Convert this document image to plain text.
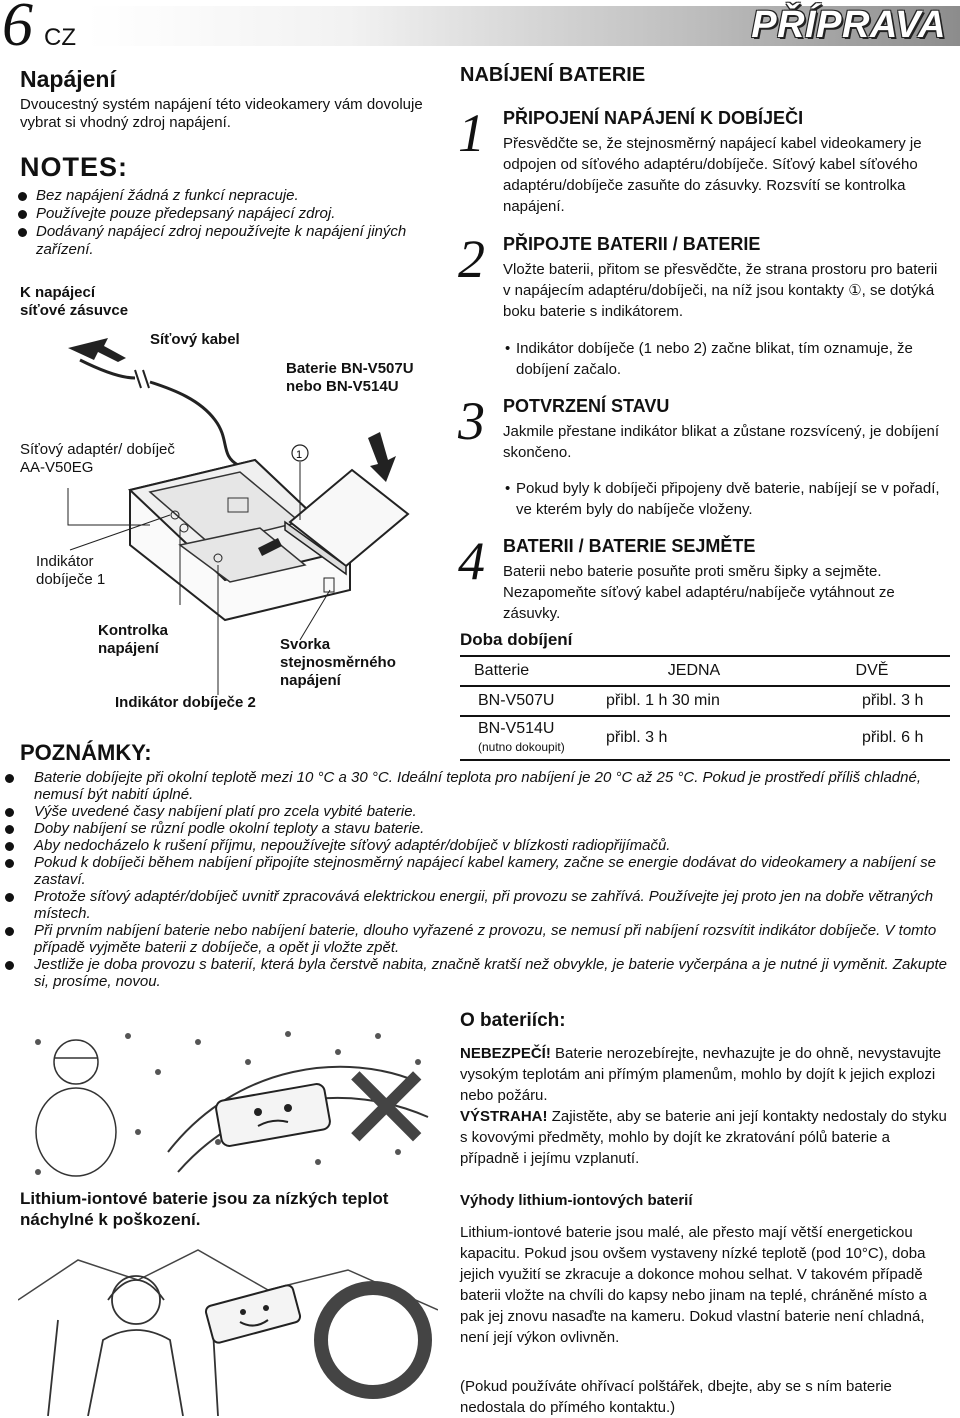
6 CZ	PŘÍPRAVA
Napájení
Dvoucestný systém napájení této videokamery vám dovoluje vybrat si vhodný zdroj napájení.
NOTES:
Bez napájení žádná z funkcí nepracuje.
Používejte pouze předepsaný napájecí zdroj.
Dodávaný napájecí zdroj nepoužívejte k napájení jiných zařízení.
1
K napájecí síťové zásuvce
Síťový kabel
Baterie BN-V507U nebo BN-V514U
Síťový adaptér/ dobíječ AA-V50EG
Indikátor dobíječe 1
Kontrolka napájení	Svorka stejnosměrného napájení
Indikátor dobíječe 2
NABÍJENÍ BATERIE
1 PŘIPOJENÍ NAPÁJENÍ K DOBÍJEČI
Přesvědčte se, že stejnosměrný napájecí kabel videokamery je odpojen od síťového adaptéru/dobíječe. Síťový kabel síťového adaptéru/dobíječe zasuňte do zásuvky. Rozsvítí se kontrolka napájení.
2 PŘIPOJTE BATERII / BATERIE
Vložte baterii, přitom se přesvědčte, že strana prostoru pro baterii v napájecím adaptéru/dobíječi, na níž jsou kontakty ①, se dotýká boku baterie s indikátorem.
• Indikátor dobíječe (1 nebo 2) začne blikat, tím oznamuje, že dobíjení začalo.
3 POTVRZENÍ STAVU
Jakmile přestane indikátor blikat a zůstane rozsvícený, je dobíjení skončeno.
• Pokud byly k dobíječi připojeny dvě baterie, nabíjejí se v pořadí, ve kterém byly do nabíječe vloženy.
4 BATERII / BATERIE SEJMĚTE
Baterii nebo baterie posuňte proti směru šipky a sejměte. Nezapomeňte síťový kabel adaptéru/nabíječe vytáhnout ze zásuvky.
Doba dobíjení
Batterie	JEDNA	DVĚ
BN-V507U	přibl. 1 h 30 min	přibl. 3 h

BN-V514U
(nutno dokoupit)	přibl. 3 h	přibl. 6 h
POZNÁMKY:
Baterie dobíjejte při okolní teplotě mezi 10 °C a 30 °C. Ideální teplota pro nabíjení je 20 °C až 25 °C. Pokud je prostředí příliš chladné, nemusí být nabití úplné.
Výše uvedené časy nabíjení platí pro zcela vybité baterie.
Doby nabíjení se různí podle okolní teploty a stavu baterie.
Aby nedocházelo k rušení příjmu, nepoužívejte síťový adaptér/dobíječ v blízkosti radiopřijímačů.
Pokud k dobíječi během nabíjení připojíte stejnosměrný napájecí kabel kamery, začne se energie dodávat do videokamery a nabíjení se zastaví.
Protože síťový adaptér/dobíječ uvnitř zpracovává elektrickou energii, při provozu se zahřívá. Používejte jej proto jen na dobře větraných místech.
Při prvním nabíjení baterie nebo nabíjení baterie, dlouho vyřazené z provozu, se nemusí při nabíjení rozsvítit indikátor dobíječe. V tomto případě vyjměte baterii z dobíječe, a opět ji vložte zpět.
Jestliže je doba provozu s baterií, která byla čerstvě nabita, značně kratší než obvykle, je baterie vyčerpána a je nutné ji vyměnit. Zakupte si, prosíme, novou.
✕
Lithium-iontové baterie jsou za nízkých teplot náchylné k poškození.
O bateriích:
NEBEZPEČÍ! Baterie nerozebírejte, nevhazujte je do ohně, nevystavujte vysokým teplotám ani přímým plamenům, mohlo by dojít k jejich explozi nebo požáru.
VÝSTRAHA! Zajistěte, aby se baterie ani její kontakty nedostaly do styku s kovovými předměty, mohlo by dojít ke zkratování pólů baterie a případně i jejímu vzplanutí.
Výhody lithium-iontových baterií
Lithium-iontové baterie jsou malé, ale přesto mají větší energetickou kapacitu. Pokud jsou ovšem vystaveny nízké teplotě (pod 10°C), doba jejich využití se zkracuje a dokonce mohou selhat. V takovém případě baterii vložte na chvíli do kapsy nebo jinam na teplé, chráněné místo a pak jej znovu nasaďte na kameru. Dokud vlastní baterie není chladná, není její výkon ovlivněn.
(Pokud používáte ohřívací polštářek, dbejte, aby se s ním baterie nedostala do přímého kontaktu.)
